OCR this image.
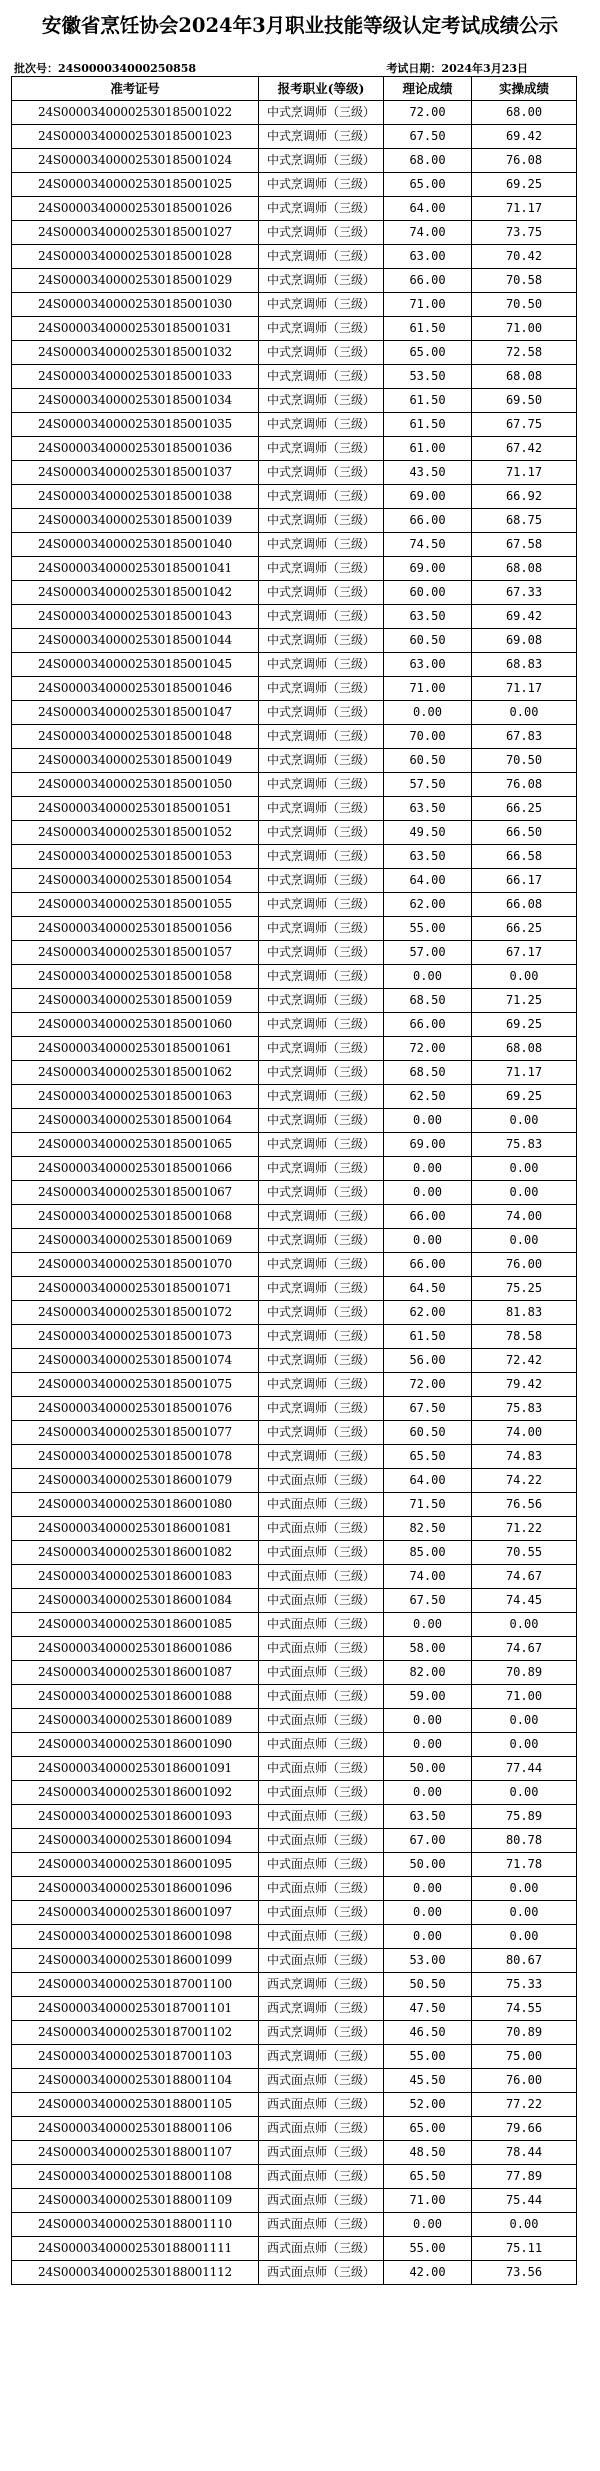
安徽省烹饪协会2024年3月职业技能等级认定考试成绩公示
批次号：24S000034000250858	考试日期：2024年3月23日
准考证号	报考职业(等级)	理论成绩	实操成绩
24S00003400002530185001022	中式烹调师（三级）	72.00	68.00
24S00003400002530185001023	中式烹调师（三级）	67.50	69.42
24S00003400002530185001024	中式烹调师（三级）	68.00	76.08
24S00003400002530185001025	中式烹调师（三级）	65.00	69.25
24S00003400002530185001026	中式烹调师（三级）	64.00	71.17
24S00003400002530185001027	中式烹调师（三级）	74.00	73.75
24S00003400002530185001028	中式烹调师（三级）	63.00	70.42
24S00003400002530185001029	中式烹调师（三级）	66.00	70.58
24S00003400002530185001030	中式烹调师（三级）	71.00	70.50
24S00003400002530185001031	中式烹调师（三级）	61.50	71.00
24S00003400002530185001032	中式烹调师（三级）	65.00	72.58
24S00003400002530185001033	中式烹调师（三级）	53.50	68.08
24S00003400002530185001034	中式烹调师（三级）	61.50	69.50
24S00003400002530185001035	中式烹调师（三级）	61.50	67.75
24S00003400002530185001036	中式烹调师（三级）	61.00	67.42
24S00003400002530185001037	中式烹调师（三级）	43.50	71.17
24S00003400002530185001038	中式烹调师（三级）	69.00	66.92
24S00003400002530185001039	中式烹调师（三级）	66.00	68.75
24S00003400002530185001040	中式烹调师（三级）	74.50	67.58
24S00003400002530185001041	中式烹调师（三级）	69.00	68.08
24S00003400002530185001042	中式烹调师（三级）	60.00	67.33
24S00003400002530185001043	中式烹调师（三级）	63.50	69.42
24S00003400002530185001044	中式烹调师（三级）	60.50	69.08
24S00003400002530185001045	中式烹调师（三级）	63.00	68.83
24S00003400002530185001046	中式烹调师（三级）	71.00	71.17
24S00003400002530185001047	中式烹调师（三级）	0.00	0.00
24S00003400002530185001048	中式烹调师（三级）	70.00	67.83
24S00003400002530185001049	中式烹调师（三级）	60.50	70.50
24S00003400002530185001050	中式烹调师（三级）	57.50	76.08
24S00003400002530185001051	中式烹调师（三级）	63.50	66.25
24S00003400002530185001052	中式烹调师（三级）	49.50	66.50
24S00003400002530185001053	中式烹调师（三级）	63.50	66.58
24S00003400002530185001054	中式烹调师（三级）	64.00	66.17
24S00003400002530185001055	中式烹调师（三级）	62.00	66.08
24S00003400002530185001056	中式烹调师（三级）	55.00	66.25
24S00003400002530185001057	中式烹调师（三级）	57.00	67.17
24S00003400002530185001058	中式烹调师（三级）	0.00	0.00
24S00003400002530185001059	中式烹调师（三级）	68.50	71.25
24S00003400002530185001060	中式烹调师（三级）	66.00	69.25
24S00003400002530185001061	中式烹调师（三级）	72.00	68.08
24S00003400002530185001062	中式烹调师（三级）	68.50	71.17
24S00003400002530185001063	中式烹调师（三级）	62.50	69.25
24S00003400002530185001064	中式烹调师（三级）	0.00	0.00
24S00003400002530185001065	中式烹调师（三级）	69.00	75.83
24S00003400002530185001066	中式烹调师（三级）	0.00	0.00
24S00003400002530185001067	中式烹调师（三级）	0.00	0.00
24S00003400002530185001068	中式烹调师（三级）	66.00	74.00
24S00003400002530185001069	中式烹调师（三级）	0.00	0.00
24S00003400002530185001070	中式烹调师（三级）	66.00	76.00
24S00003400002530185001071	中式烹调师（三级）	64.50	75.25
24S00003400002530185001072	中式烹调师（三级）	62.00	81.83
24S00003400002530185001073	中式烹调师（三级）	61.50	78.58
24S00003400002530185001074	中式烹调师（三级）	56.00	72.42
24S00003400002530185001075	中式烹调师（三级）	72.00	79.42
24S00003400002530185001076	中式烹调师（三级）	67.50	75.83
24S00003400002530185001077	中式烹调师（三级）	60.50	74.00
24S00003400002530185001078	中式烹调师（三级）	65.50	74.83
24S00003400002530186001079	中式面点师（三级）	64.00	74.22
24S00003400002530186001080	中式面点师（三级）	71.50	76.56
24S00003400002530186001081	中式面点师（三级）	82.50	71.22
24S00003400002530186001082	中式面点师（三级）	85.00	70.55
24S00003400002530186001083	中式面点师（三级）	74.00	74.67
24S00003400002530186001084	中式面点师（三级）	67.50	74.45
24S00003400002530186001085	中式面点师（三级）	0.00	0.00
24S00003400002530186001086	中式面点师（三级）	58.00	74.67
24S00003400002530186001087	中式面点师（三级）	82.00	70.89
24S00003400002530186001088	中式面点师（三级）	59.00	71.00
24S00003400002530186001089	中式面点师（三级）	0.00	0.00
24S00003400002530186001090	中式面点师（三级）	0.00	0.00
24S00003400002530186001091	中式面点师（三级）	50.00	77.44
24S00003400002530186001092	中式面点师（三级）	0.00	0.00
24S00003400002530186001093	中式面点师（三级）	63.50	75.89
24S00003400002530186001094	中式面点师（三级）	67.00	80.78
24S00003400002530186001095	中式面点师（三级）	50.00	71.78
24S00003400002530186001096	中式面点师（三级）	0.00	0.00
24S00003400002530186001097	中式面点师（三级）	0.00	0.00
24S00003400002530186001098	中式面点师（三级）	0.00	0.00
24S00003400002530186001099	中式面点师（三级）	53.00	80.67
24S00003400002530187001100	西式烹调师（三级）	50.50	75.33
24S00003400002530187001101	西式烹调师（三级）	47.50	74.55
24S00003400002530187001102	西式烹调师（三级）	46.50	70.89
24S00003400002530187001103	西式烹调师（三级）	55.00	75.00
24S00003400002530188001104	西式面点师（三级）	45.50	76.00
24S00003400002530188001105	西式面点师（三级）	52.00	77.22
24S00003400002530188001106	西式面点师（三级）	65.00	79.66
24S00003400002530188001107	西式面点师（三级）	48.50	78.44
24S00003400002530188001108	西式面点师（三级）	65.50	77.89
24S00003400002530188001109	西式面点师（三级）	71.00	75.44
24S00003400002530188001110	西式面点师（三级）	0.00	0.00
24S00003400002530188001111	西式面点师（三级）	55.00	75.11
24S00003400002530188001112	西式面点师（三级）	42.00	73.56
